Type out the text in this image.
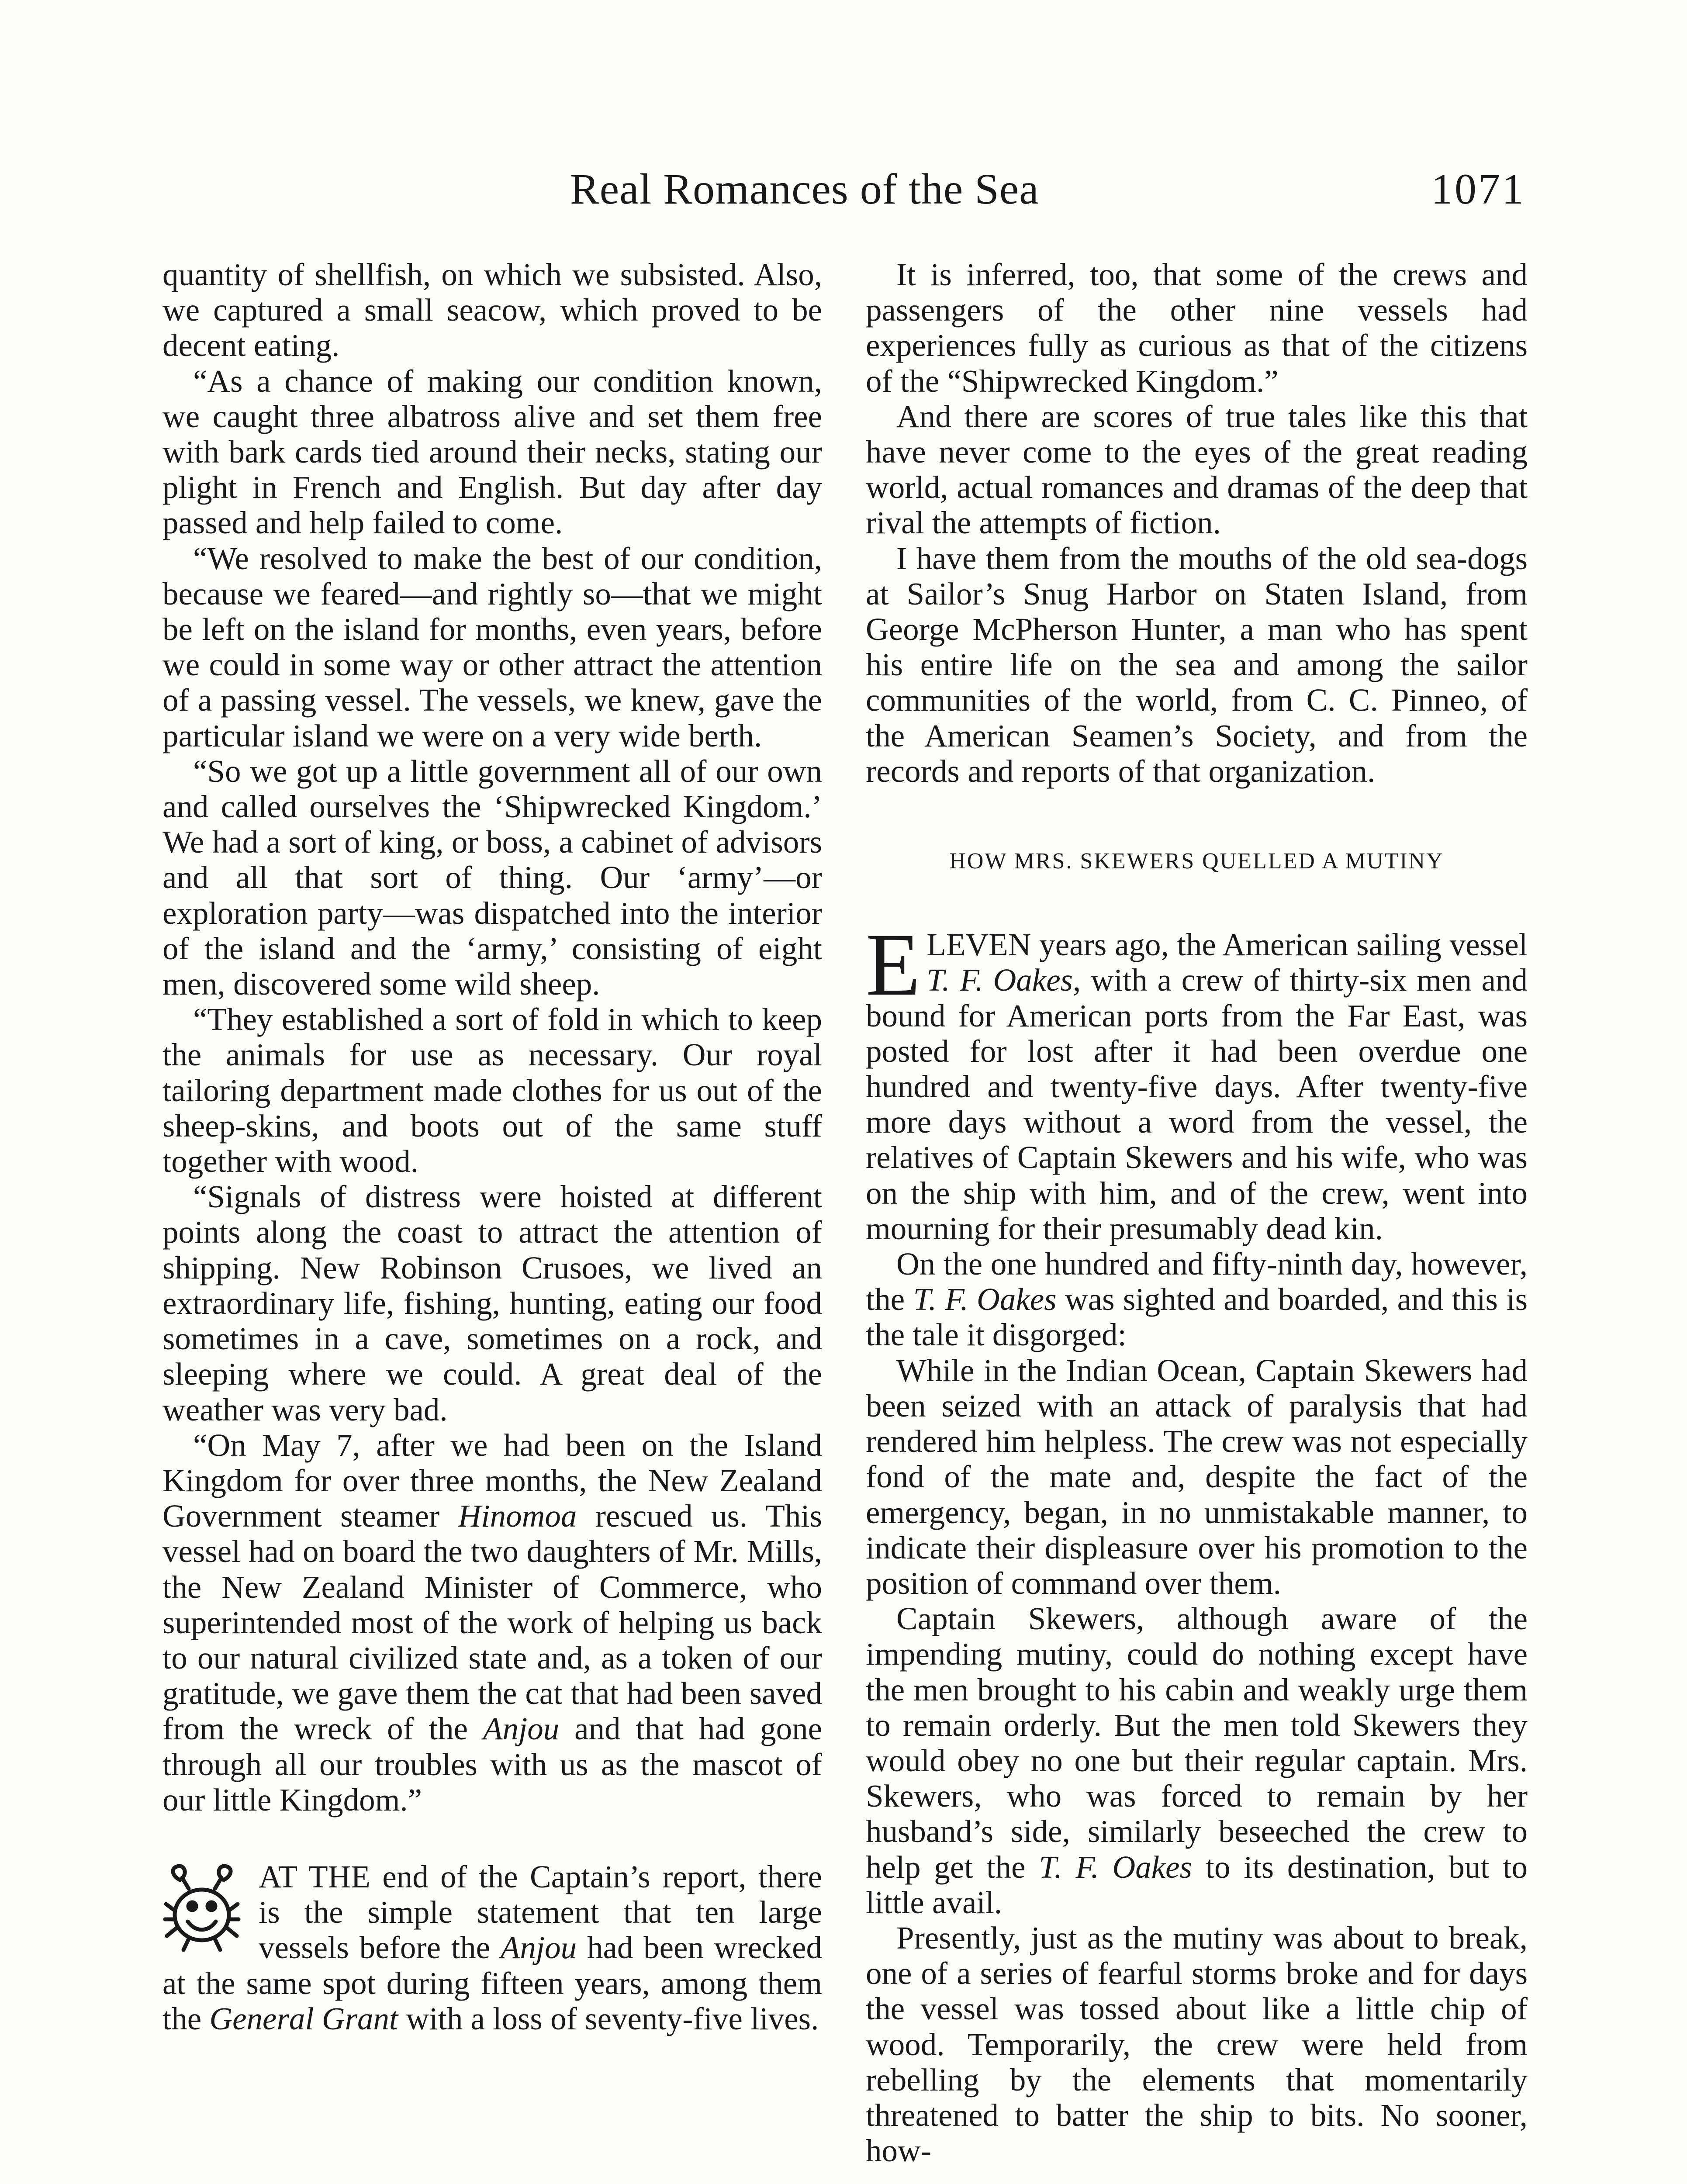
Real Romances of the Sea	1071

quantity of shellfish, on which we subsisted. Also, we captured a small seacow, which proved to be decent eating.

“As a chance of making our condition known, we caught three albatross alive and set them free with bark cards tied around their necks, stating our plight in French and English. But day after day passed and help failed to come.

“We resolved to make the best of our condition, because we feared—and rightly so—that we might be left on the island for months, even years, before we could in some way or other attract the attention of a passing vessel. The vessels, we knew, gave the particular island we were on a very wide berth.

“So we got up a little government all of our own and called ourselves the ‘Shipwrecked Kingdom.’ We had a sort of king, or boss, a cabinet of advisors and all that sort of thing. Our ‘army’—or exploration party—was dispatched into the interior of the island and the ‘army,’ consisting of eight men, discovered some wild sheep.

“They established a sort of fold in which to keep the animals for use as necessary. Our royal tailoring department made clothes for us out of the sheep-skins, and boots out of the same stuff together with wood.

“Signals of distress were hoisted at different points along the coast to attract the attention of shipping. New Robinson Crusoes, we lived an extraordinary life, fishing, hunting, eating our food sometimes in a cave, sometimes on a rock, and sleeping where we could. A great deal of the weather was very bad.

“On May 7, after we had been on the Island Kingdom for over three months, the New Zealand Government steamer Hinomoa rescued us. This vessel had on board the two daughters of Mr. Mills, the New Zealand Minister of Commerce, who superintended most of the work of helping us back to our natural civilized state and, as a token of our gratitude, we gave them the cat that had been saved from the wreck of the Anjou and that had gone through all our troubles with us as the mascot of our little Kingdom.”

AT THE end of the Captain’s report, there is the simple statement that ten large vessels before the Anjou had been wrecked at the same spot during fifteen years, among them the General Grant with a loss of seventy-five lives.

It is inferred, too, that some of the crews and passengers of the other nine vessels had experiences fully as curious as that of the citizens of the “Shipwrecked Kingdom.”

And there are scores of true tales like this that have never come to the eyes of the great reading world, actual romances and dramas of the deep that rival the attempts of fiction.

I have them from the mouths of the old sea-dogs at Sailor’s Snug Harbor on Staten Island, from George McPherson Hunter, a man who has spent his entire life on the sea and among the sailor communities of the world, from C. C. Pinneo, of the American Seamen’s Society, and from the records and reports of that organization.

HOW MRS. SKEWERS QUELLED A MUTINY

ELEVEN years ago, the American sailing vessel T. F. Oakes, with a crew of thirty-six men and bound for American ports from the Far East, was posted for lost after it had been overdue one hundred and twenty-five days. After twenty-five more days without a word from the vessel, the relatives of Captain Skewers and his wife, who was on the ship with him, and of the crew, went into mourning for their presumably dead kin.

On the one hundred and fifty-ninth day, however, the T. F. Oakes was sighted and boarded, and this is the tale it disgorged:

While in the Indian Ocean, Captain Skewers had been seized with an attack of paralysis that had rendered him helpless. The crew was not especially fond of the mate and, despite the fact of the emergency, began, in no unmistakable manner, to indicate their displeasure over his promotion to the position of command over them.

Captain Skewers, although aware of the impending mutiny, could do nothing except have the men brought to his cabin and weakly urge them to remain orderly. But the men told Skewers they would obey no one but their regular captain. Mrs. Skewers, who was forced to remain by her husband’s side, similarly beseeched the crew to help get the T. F. Oakes to its destination, but to little avail.

Presently, just as the mutiny was about to break, one of a series of fearful storms broke and for days the vessel was tossed about like a little chip of wood. Temporarily, the crew were held from rebelling by the elements that momentarily threatened to batter the ship to bits. No sooner, how-
